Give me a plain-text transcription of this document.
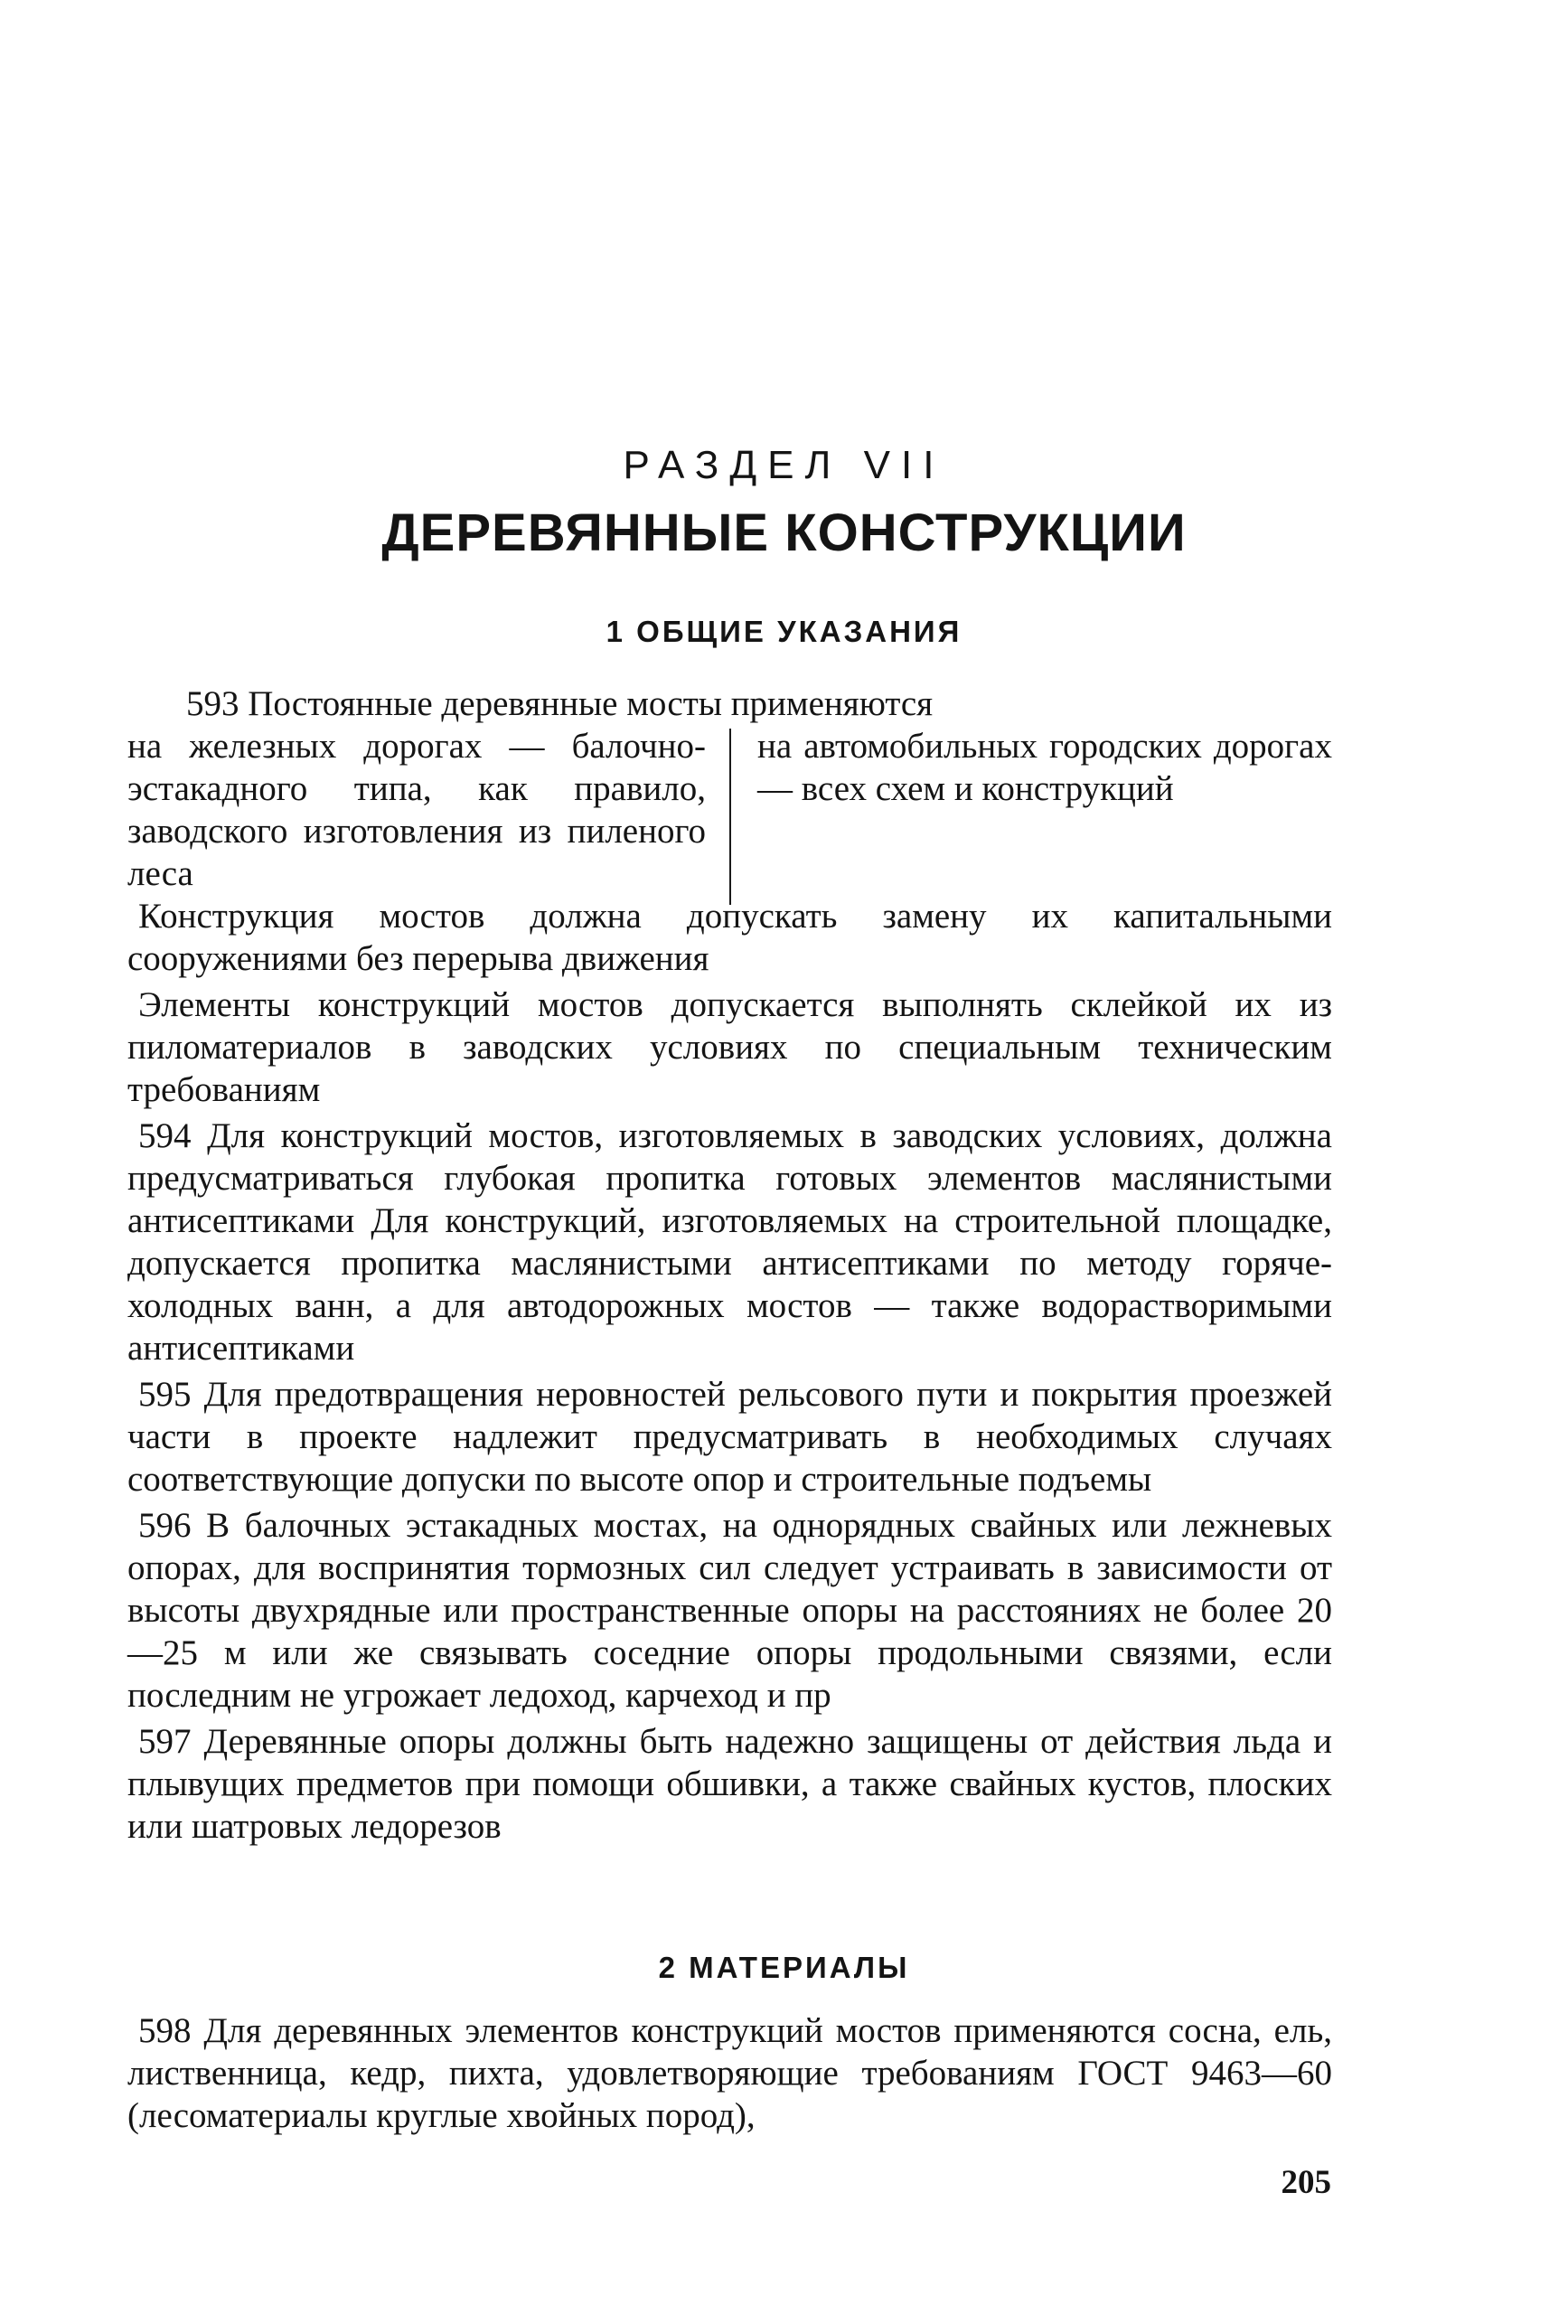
РАЗДЕЛ VII
ДЕРЕВЯННЫЕ КОНСТРУКЦИИ
1 ОБЩИЕ УКАЗАНИЯ
593 Постоянные деревянные мосты применяются
на железных дорогах — балочно-эстакадного типа, как правило, заводского изготовления из пиленого леса
на автомобильных городских дорогах — всех схем и конструкций

Конструкция мостов должна допускать замену их капитальными сооружениями без перерыва движения

Элементы конструкций мостов допускается выполнять склейкой их из пиломатериалов в заводских условиях по специальным техническим требованиям

594 Для конструкций мостов, изготовляемых в заводских условиях, должна предусматриваться глубокая пропитка готовых элементов маслянистыми антисептиками Для конструкций, изготовляемых на строительной площадке, допускается пропитка маслянистыми антисептиками по методу горяче-холодных ванн, а для автодорожных мостов — также водорастворимыми антисептиками

595 Для предотвращения неровностей рельсового пути и покрытия проезжей части в проекте надлежит предусматривать в необходимых случаях соответствующие допуски по высоте опор и строительные подъемы

596 В балочных эстакадных мостах, на однорядных свайных или лежневых опорах, для воспринятия тормозных сил следует устраивать в зависимости от высоты двухрядные или пространственные опоры на расстояниях не более 20—25 м или же связывать соседние опоры продольными связями, если последним не угрожает ледоход, карчеход и пр

597 Деревянные опоры должны быть надежно защищены от действия льда и плывущих предметов при помощи обшивки, а также свайных кустов, плоских или шатровых ледорезов

2 МАТЕРИАЛЫ

598 Для деревянных элементов конструкций мостов применяются сосна, ель, лиственница, кедр, пихта, удовлетворяющие требованиям ГОСТ 9463—60 (лесоматериалы круглые хвойных пород),

205
